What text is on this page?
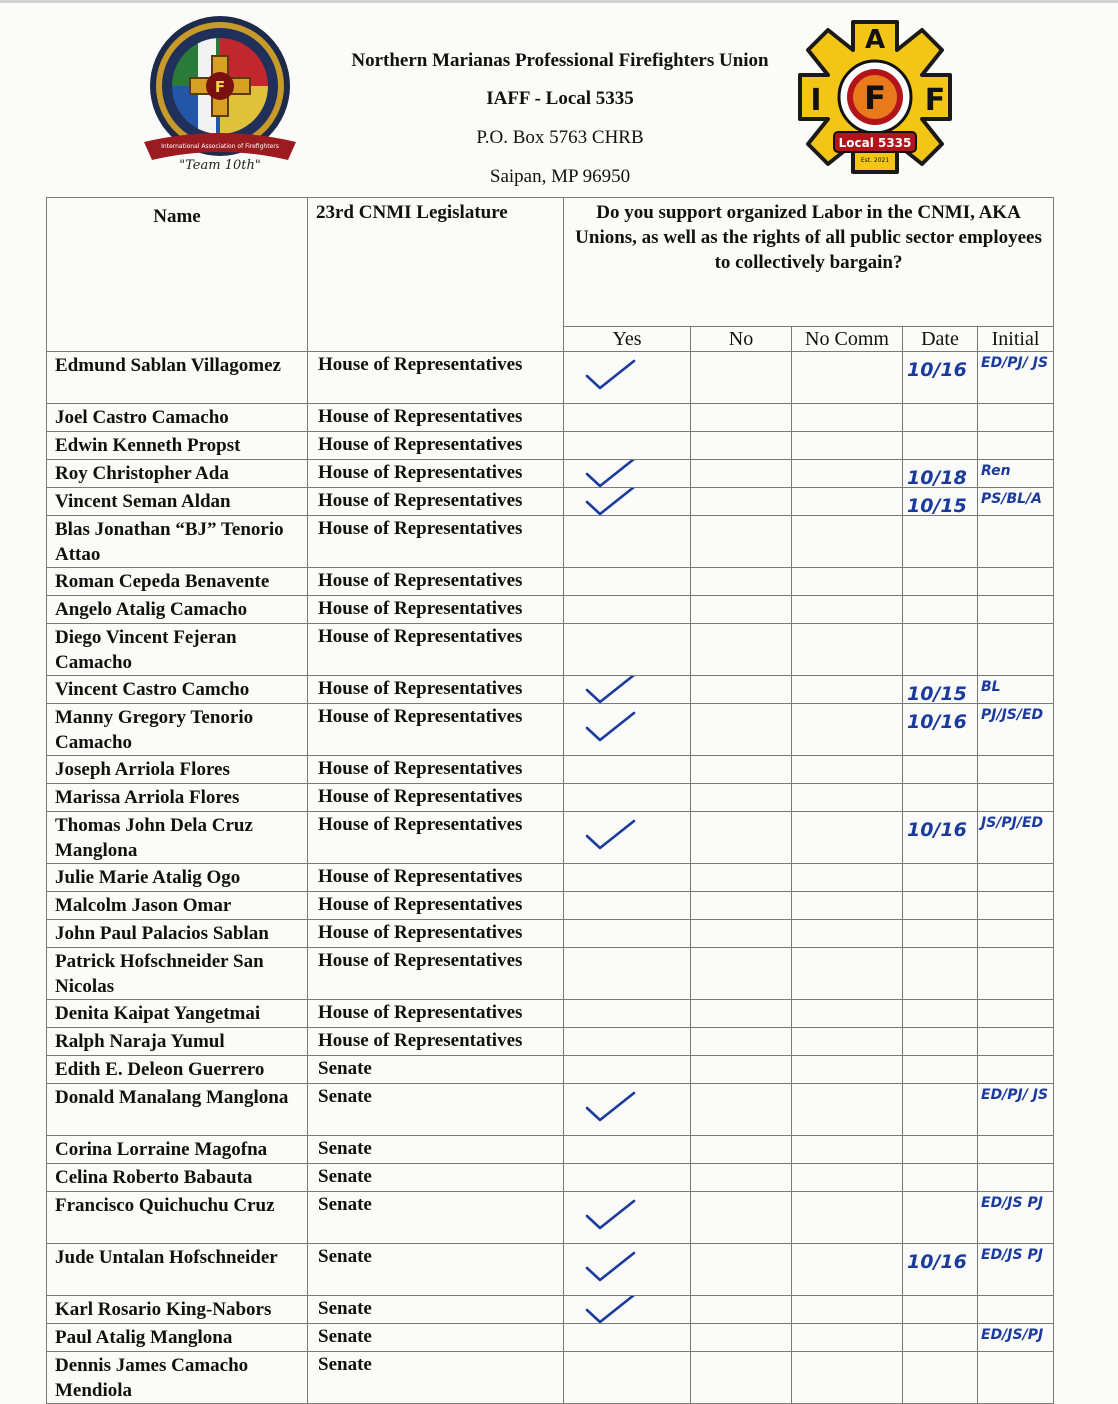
F
International Association of Firefighters
"Team 10th"
Northern Marianas Professional Firefighters Union
IAFF - Local 5335
P.O. Box 5763 CHRB
Saipan, MP 96950
A
I	F
F
Local 5335
Est. 2021
Name	23rd CNMI Legislature	Do you support organized Labor in the CNMI, AKA Unions, as well as the rights of all public sector employees to collectively bargain?				
		Yes	No	No Comm	Date	Initial
Edmund Sablan Villagomez	House of Representatives				10/16	ED/PJ/ JS

Joel Castro Camacho	House of Representatives					
Edwin Kenneth Propst	House of Representatives					
Roy Christopher Ada	House of Representatives				10/18	Ren

Vincent Seman Aldan	House of Representatives				10/15	PS/BL/A

Blas Jonathan “BJ” Tenorio Attao	House of Representatives					
Roman Cepeda Benavente	House of Representatives					
Angelo Atalig Camacho	House of Representatives					
Diego Vincent Fejeran Camacho	House of Representatives					
Vincent Castro Camcho	House of Representatives				10/15	BL

Manny Gregory Tenorio Camacho	House of Representatives				10/16	PJ/JS/ED

Joseph Arriola Flores	House of Representatives					
Marissa Arriola Flores	House of Representatives					
Thomas John Dela Cruz Manglona	House of Representatives				10/16	JS/PJ/ED

Julie Marie Atalig Ogo	House of Representatives					
Malcolm Jason Omar	House of Representatives					
John Paul Palacios Sablan	House of Representatives					
Patrick Hofschneider San Nicolas	House of Representatives					
Denita Kaipat Yangetmai	House of Representatives					
Ralph Naraja Yumul	House of Representatives					
Edith E. Deleon Guerrero	Senate					
Donald Manalang Manglona	Senate					ED/PJ/ JS

Corina Lorraine Magofna	Senate					
Celina Roberto Babauta	Senate					
Francisco Quichuchu Cruz	Senate					ED/JS PJ

Jude Untalan Hofschneider	Senate				10/16	ED/JS PJ

Karl Rosario King-Nabors	Senate	

Paul Atalig Manglona	Senate					ED/JS/PJ

Dennis James Camacho Mendiola	Senate					
